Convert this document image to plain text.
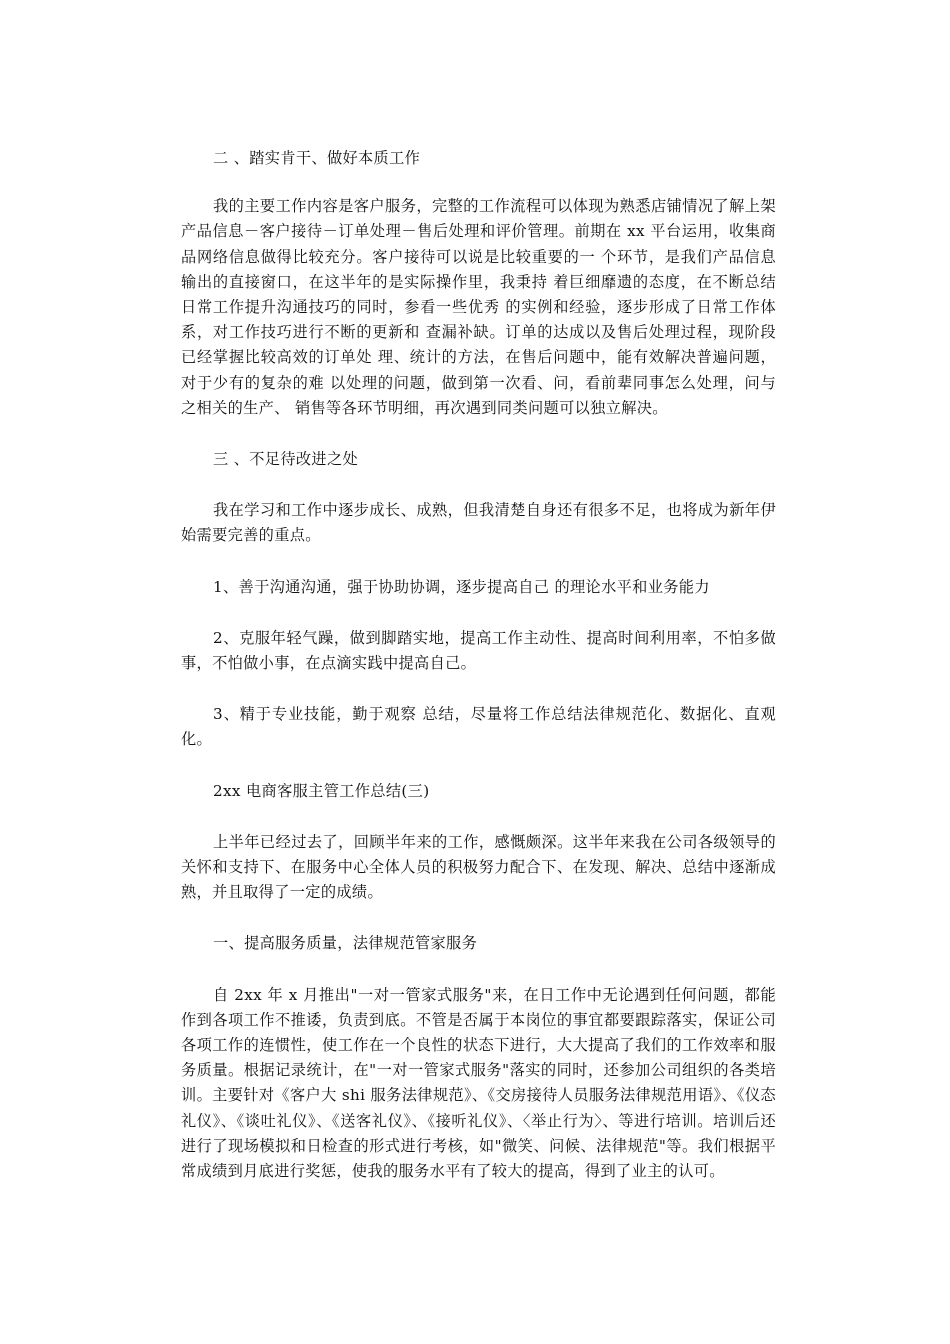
二 、踏实肯干、做好本质工作

我的主要工作内容是客户服务，完整的工作流程可以体现为熟悉店铺情况了解上架产品信息－客户接待－订单处理－售后处理和评价管理。前期在 xx 平台运用，收集商品网络信息做得比较充分。客户接待可以说是比较重要的一 个环节，是我们产品信息输出的直接窗口，在这半年的是实际操作里，我秉持 着巨细靡遗的态度，在不断总结日常工作提升沟通技巧的同时，参看一些优秀 的实例和经验，逐步形成了日常工作体系，对工作技巧进行不断的更新和 查漏补缺。订单的达成以及售后处理过程，现阶段已经掌握比较高效的订单处 理、统计的方法，在售后问题中，能有效解决普遍问题，对于少有的复杂的难 以处理的问题，做到第一次看、问，看前辈同事怎么处理，问与之相关的生产、 销售等各环节明细，再次遇到同类问题可以独立解决。

三 、不足待改进之处

我在学习和工作中逐步成长、成熟，但我清楚自身还有很多不足，也将成为新年伊始需要完善的重点。

1、善于沟通沟通，强于协助协调，逐步提高自己 的理论水平和业务能力

2、克服年轻气躁，做到脚踏实地，提高工作主动性、提高时间利用率，不怕多做事，不怕做小事，在点滴实践中提高自己。

3、精于专业技能，勤于观察 总结，尽量将工作总结法律规范化、数据化、直观化。

2xx 电商客服主管工作总结(三)

上半年已经过去了，回顾半年来的工作，感慨颇深。这半年来我在公司各级领导的关怀和支持下、在服务中心全体人员的积极努力配合下、在发现、解决、总结中逐渐成熟，并且取得了一定的成绩。

一、提高服务质量，法律规范管家服务

自 2xx 年 x 月推出"一对一管家式服务"来，在日工作中无论遇到任何问题，都能作到各项工作不推诿，负责到底。不管是否属于本岗位的事宜都要跟踪落实，保证公司各项工作的连惯性，使工作在一个良性的状态下进行，大大提高了我们的工作效率和服务质量。根据记录统计，在"一对一管家式服务"落实的同时，还参加公司组织的各类培训。主要针对《客户大 shi 服务法律规范》、《交房接待人员服务法律规范用语》、《仪态礼仪》、《谈吐礼仪》、《送客礼仪》、《接听礼仪》、〈举止行为〉、等进行培训。培训后还进行了现场模拟和日检查的形式进行考核，如"微笑、问候、法律规范"等。我们根据平常成绩到月底进行奖惩，使我的服务水平有了较大的提高，得到了业主的认可。
